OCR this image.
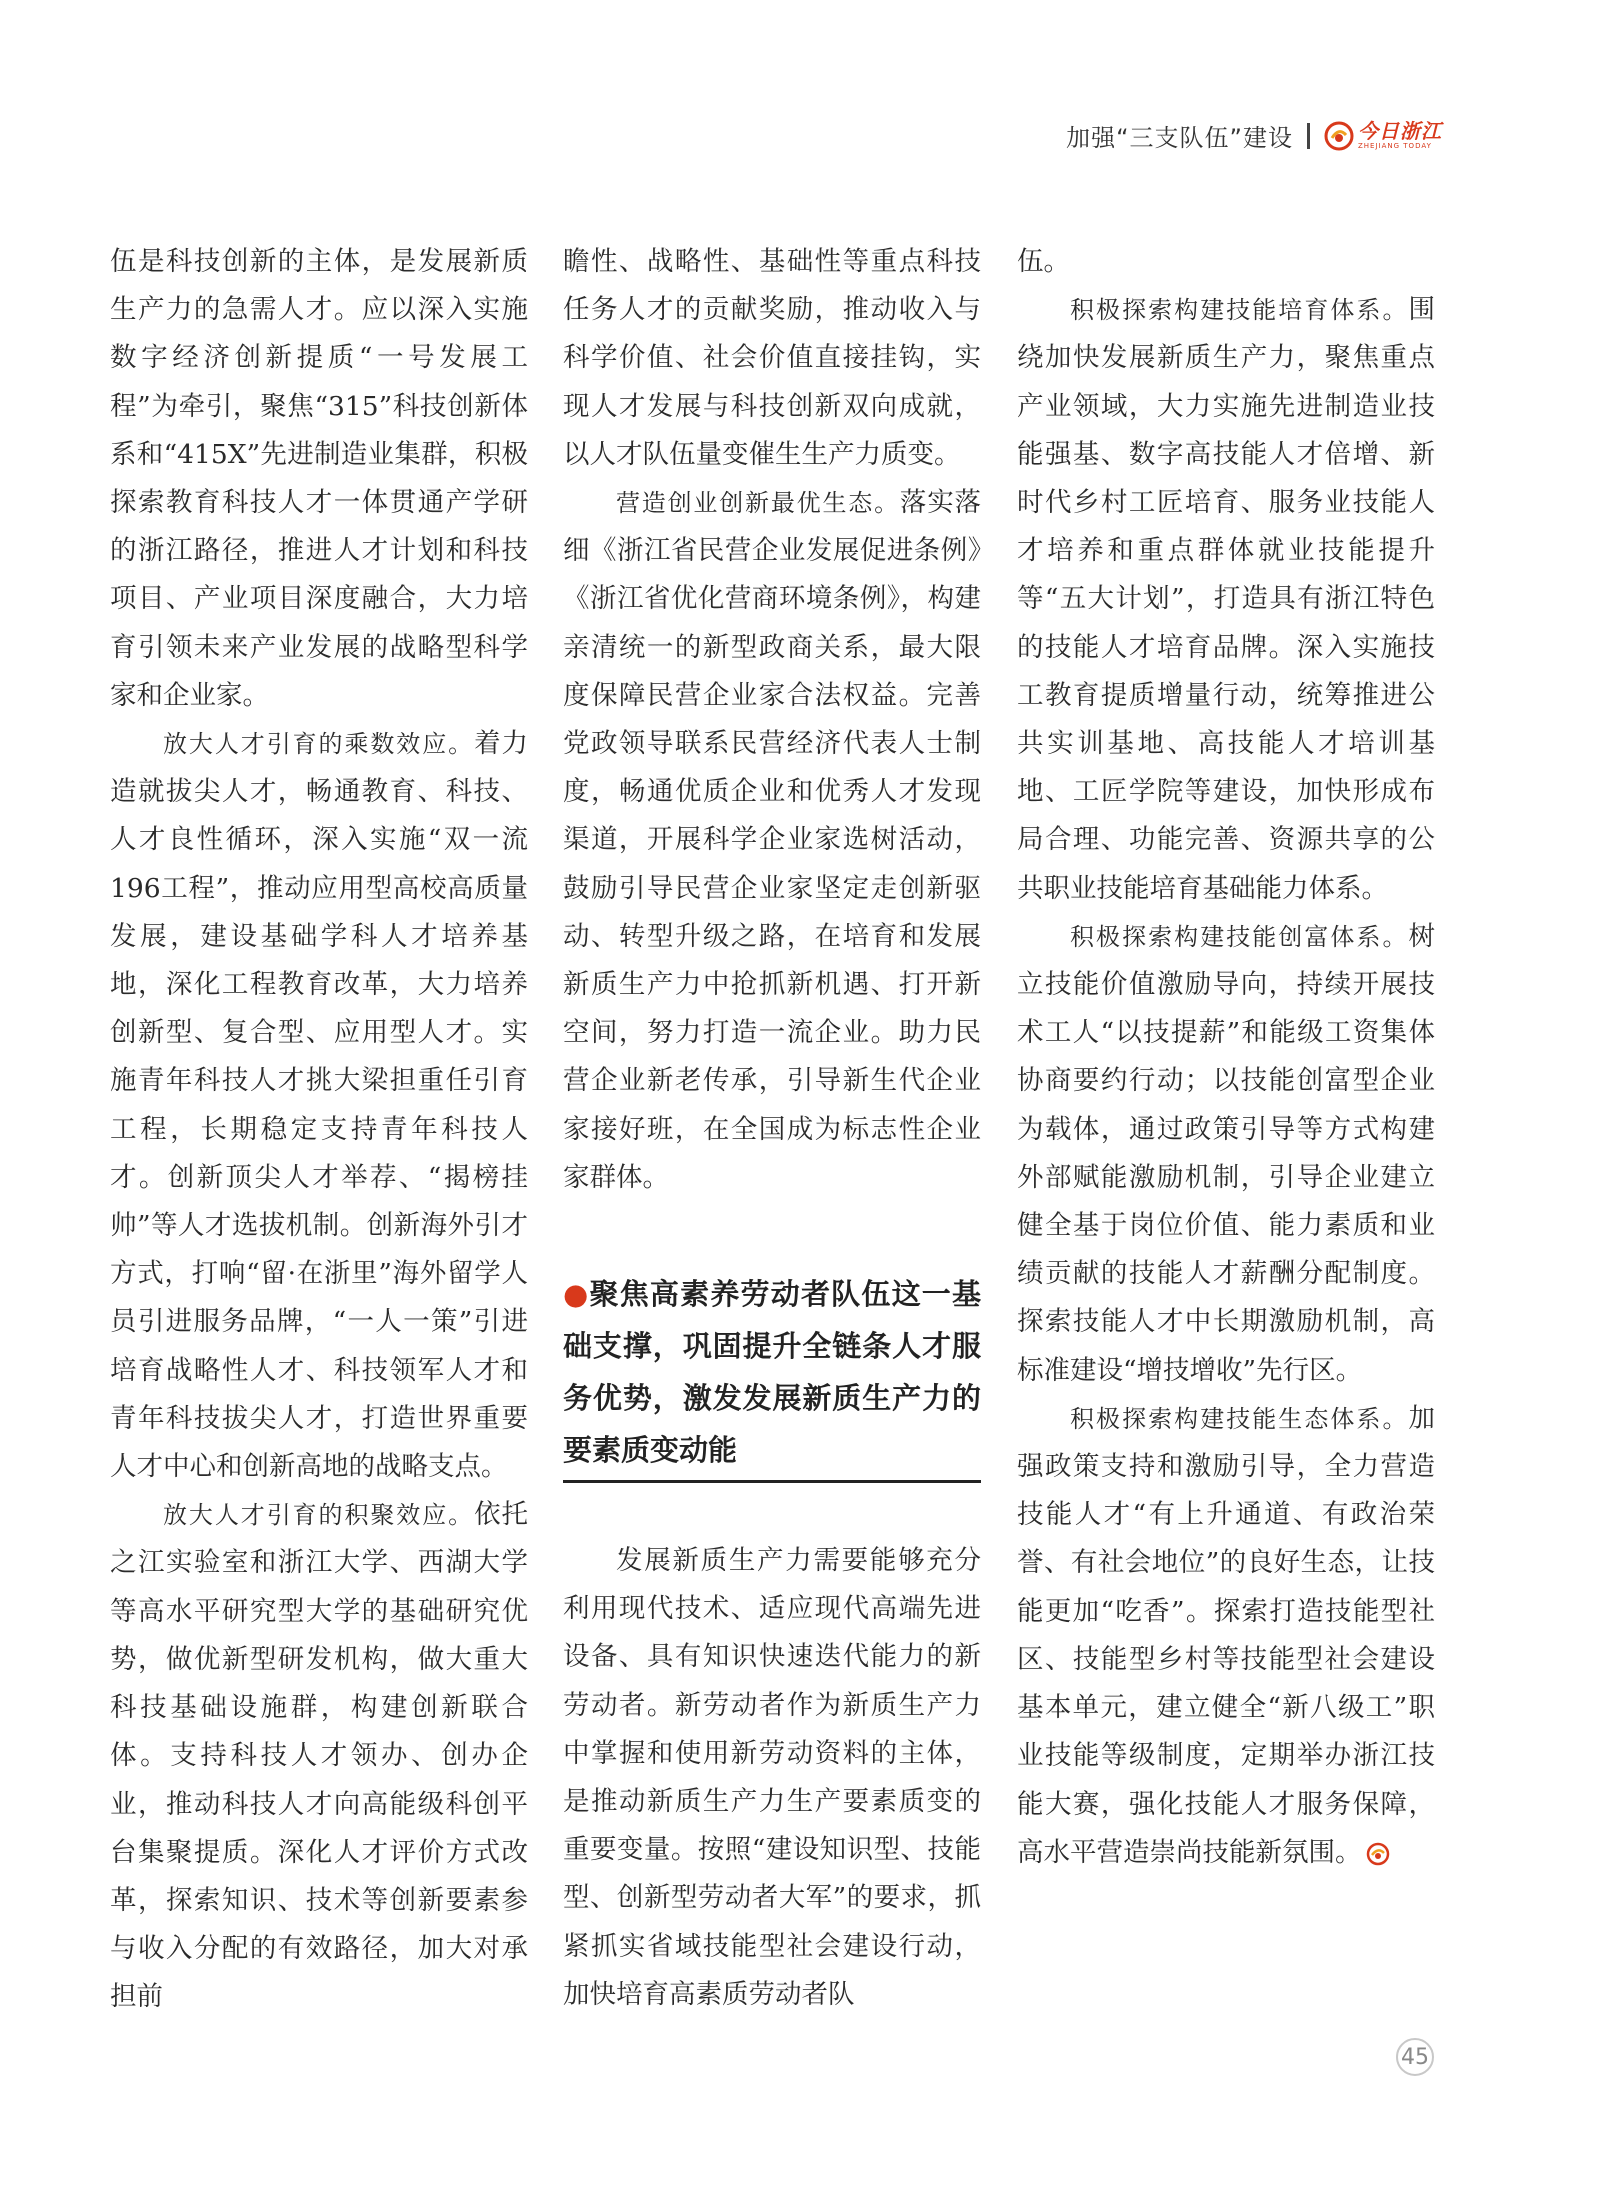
加强“三支队伍”建设	今日浙江
ZHEJIANG TODAY

伍是科技创新的主体，是发展新质生产力的急需人才。应以深入实施数字经济创新提质“一号发展工程”为牵引，聚焦“315”科技创新体系和“415X”先进制造业集群，积极探索教育科技人才一体贯通产学研的浙江路径，推进人才计划和科技项目、产业项目深度融合，大力培育引领未来产业发展的战略型科学家和企业家。

放大人才引育的乘数效应。着力造就拔尖人才，畅通教育、科技、人才良性循环，深入实施“双一流196工程”，推动应用型高校高质量发展，建设基础学科人才培养基地，深化工程教育改革，大力培养创新型、复合型、应用型人才。实施青年科技人才挑大梁担重任引育工程，长期稳定支持青年科技人才。创新顶尖人才举荐、“揭榜挂帅”等人才选拔机制。创新海外引才方式，打响“留·在浙里”海外留学人员引进服务品牌，“一人一策”引进培育战略性人才、科技领军人才和青年科技拔尖人才，打造世界重要人才中心和创新高地的战略支点。

放大人才引育的积聚效应。依托之江实验室和浙江大学、西湖大学等高水平研究型大学的基础研究优势，做优新型研发机构，做大重大科技基础设施群，构建创新联合体。支持科技人才领办、创办企业，推动科技人才向高能级科创平台集聚提质。深化人才评价方式改革，探索知识、技术等创新要素参与收入分配的有效路径，加大对承担前

瞻性、战略性、基础性等重点科技任务人才的贡献奖励，推动收入与科学价值、社会价值直接挂钩，实现人才发展与科技创新双向成就，以人才队伍量变催生生产力质变。

营造创业创新最优生态。落实落细《浙江省民营企业发展促进条例》《浙江省优化营商环境条例》，构建亲清统一的新型政商关系，最大限度保障民营企业家合法权益。完善党政领导联系民营经济代表人士制度，畅通优质企业和优秀人才发现渠道，开展科学企业家选树活动，鼓励引导民营企业家坚定走创新驱动、转型升级之路，在培育和发展新质生产力中抢抓新机遇、打开新空间，努力打造一流企业。助力民营企业新老传承，引导新生代企业家接好班，在全国成为标志性企业家群体。

●聚焦高素养劳动者队伍这一基础支撑，巩固提升全链条人才服务优势，激发发展新质生产力的要素质变动能

发展新质生产力需要能够充分利用现代技术、适应现代高端先进设备、具有知识快速迭代能力的新劳动者。新劳动者作为新质生产力中掌握和使用新劳动资料的主体，是推动新质生产力生产要素质变的重要变量。按照“建设知识型、技能型、创新型劳动者大军”的要求，抓紧抓实省域技能型社会建设行动，加快培育高素质劳动者队

伍。

积极探索构建技能培育体系。围绕加快发展新质生产力，聚焦重点产业领域，大力实施先进制造业技能强基、数字高技能人才倍增、新时代乡村工匠培育、服务业技能人才培养和重点群体就业技能提升等“五大计划”，打造具有浙江特色的技能人才培育品牌。深入实施技工教育提质增量行动，统筹推进公共实训基地、高技能人才培训基地、工匠学院等建设，加快形成布局合理、功能完善、资源共享的公共职业技能培育基础能力体系。

积极探索构建技能创富体系。树立技能价值激励导向，持续开展技术工人“以技提薪”和能级工资集体协商要约行动；以技能创富型企业为载体，通过政策引导等方式构建外部赋能激励机制，引导企业建立健全基于岗位价值、能力素质和业绩贡献的技能人才薪酬分配制度。探索技能人才中长期激励机制，高标准建设“增技增收”先行区。

积极探索构建技能生态体系。加强政策支持和激励引导，全力营造技能人才“有上升通道、有政治荣誉、有社会地位”的良好生态，让技能更加“吃香”。探索打造技能型社区、技能型乡村等技能型社会建设基本单元，建立健全“新八级工”职业技能等级制度，定期举办浙江技能大赛，强化技能人才服务保障，高水平营造崇尚技能新氛围。

45
